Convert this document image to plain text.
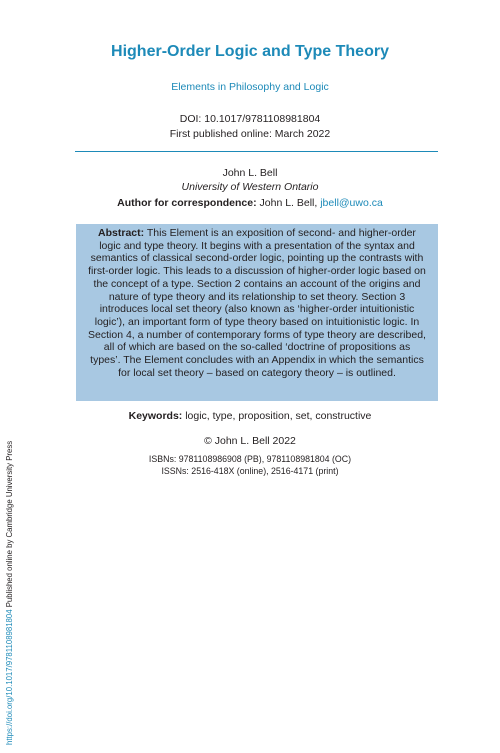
Higher-Order Logic and Type Theory
Elements in Philosophy and Logic
DOI: 10.1017/9781108981804
First published online: March 2022
John L. Bell
University of Western Ontario
Author for correspondence: John L. Bell, jbell@uwo.ca
Abstract: This Element is an exposition of second- and higher-order logic and type theory. It begins with a presentation of the syntax and semantics of classical second-order logic, pointing up the contrasts with first-order logic. This leads to a discussion of higher-order logic based on the concept of a type. Section 2 contains an account of the origins and nature of type theory and its relationship to set theory. Section 3 introduces local set theory (also known as ‘higher-order intuitionistic logic’), an important form of type theory based on intuitionistic logic. In Section 4, a number of contemporary forms of type theory are described, all of which are based on the so-called ‘doctrine of propositions as types’. The Element concludes with an Appendix in which the semantics for local set theory – based on category theory – is outlined.
Keywords: logic, type, proposition, set, constructive
© John L. Bell 2022
ISBNs: 9781108986908 (PB), 9781108981804 (OC)
ISSNs: 2516-418X (online), 2516-4171 (print)
https://doi.org/10.1017/9781108981804 Published online by Cambridge University Press
